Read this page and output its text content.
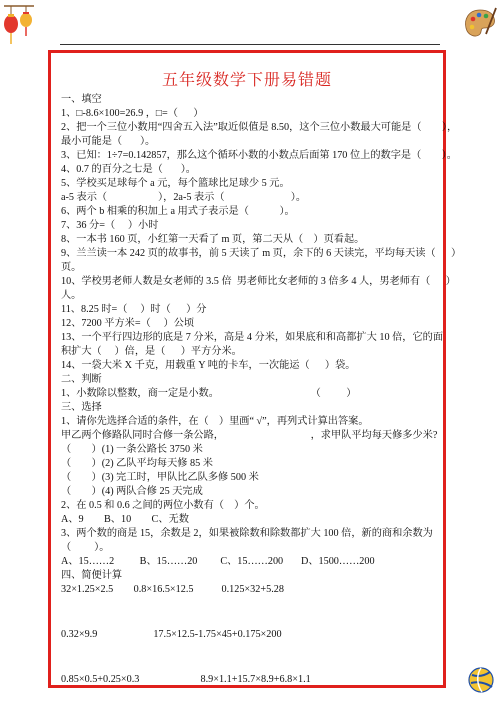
五年级数学下册易错题
一、填空
1、□-8.6×100=26.9 ，□=（      ）
2、把一个三位小数用“四舍五入法”取近似值是 8.50，这个三位小数最大可能是（        ），
最小可能是（       ）。
3、已知：1÷7=0.142857，那么这个循环小数的小数点后面第 170 位上的数字是（        ）。
4、0.7 的百分之七是（       ）。
5、学校买足球每个 a 元，每个篮球比足球少 5 元。
a-5 表示（                    ），2a-5 表示（                          ）。
6、两个 b 相乘的积加上 a 用式子表示是（            ）。
7、36 分=（     ）小时
8、一本书 160 页，小红第一天看了 m 页，第二天从（    ）页看起。
9、兰兰读一本 242 页的故事书，前 5 天读了 m 页，余下的 6 天读完，平均每天读（      ）
页。
10、学校男老师人数是女老师的 3.5 倍  男老师比女老师的 3 倍多 4 人，男老师有（      ）
人。
11、8.25 时=（     ）时（      ）分
12、7200 平方米=（     ）公顷
13、一个平行四边形的底是 7 分米，高是 4 分米，如果底和和高都扩大 10 倍，它的面
积扩大（     ）倍，是（      ）平方分米。
14、一袋大米 X 千克，用载重 Y 吨的卡车，一次能运（      ）袋。
二、判断
1、小数除以整数，商一定是小数。                                    （          ）
三、选择
1、请你先选择合适的条件，在（    ）里画“ √”，再列式计算出答案。
甲乙两个修路队同时合修一条公路，                                  ，求甲队平均每天修多少米?
（        ）(1) 一条公路长 3750 米
（        ）(2) 乙队平均每天修 85 米
（        ）(3) 完工时，甲队比乙队多修 500 米
（        ）(4) 两队合修 25 天完成
2、在 0.5 和 0.6 之间的两位小数有（    ）个。
A、9        B、10        C、无数
3、两个数的商是 15，余数是 2，如果被除数和除数都扩大 100 倍，新的商和余数为
（         ）。
A、15……2          B、15……20         C、15……200       D、1500……200
四、简便计算
32×1.25×2.5        0.8×16.5×12.5           0.125×32+5.28
0.32×9.9                      17.5×12.5-1.75×45+0.175×200
0.85×0.5+0.25×0.3                        8.9×1.1+15.7×8.9+6.8×1.1
